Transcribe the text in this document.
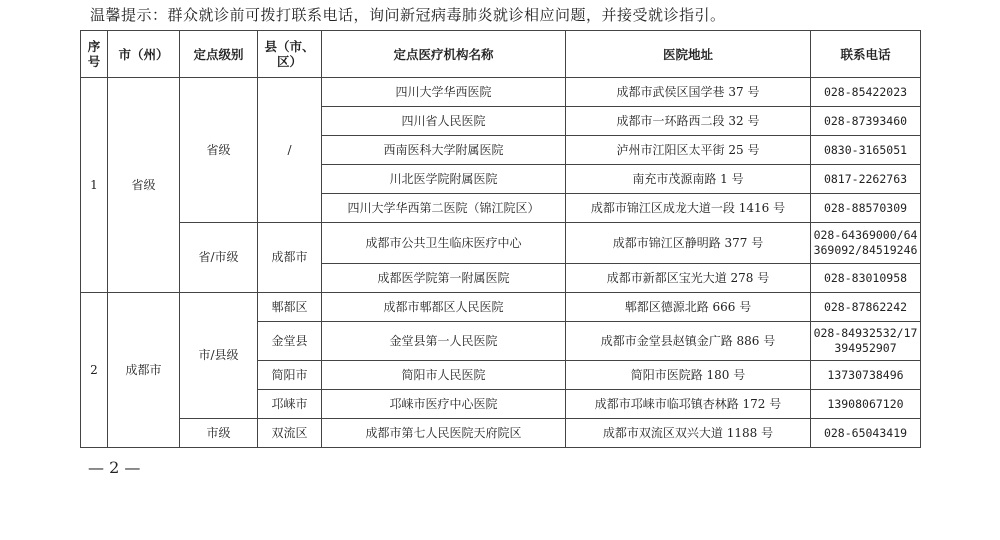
温馨提示：群众就诊前可拨打联系电话，询问新冠病毒肺炎就诊相应问题，并接受就诊指引。
序号	市（州）	定点级别	县（市、区）	定点医疗机构名称	医院地址	联系电话
1	省级	省级	/	四川大学华西医院	成都市武侯区国学巷 37 号	028-85422023
				四川省人民医院	成都市一环路西二段 32 号	028-87393460
				西南医科大学附属医院	泸州市江阳区太平街 25 号	0830-3165051
				川北医学院附属医院	南充市茂源南路 1 号	0817-2262763
				四川大学华西第二医院（锦江院区）	成都市锦江区成龙大道一段 1416 号	028-88570309
		省/市级	成都市	成都市公共卫生临床医疗中心	成都市锦江区静明路 377 号	028-64369000/64369092/84519246
				成都医学院第一附属医院	成都市新都区宝光大道 278 号	028-83010958
2	成都市	市/县级	郫都区	成都市郫都区人民医院	郫都区德源北路 666 号	028-87862242
			金堂县	金堂县第一人民医院	成都市金堂县赵镇金广路 886 号	028-84932532/17394952907
			简阳市	简阳市人民医院	简阳市医院路 180 号	13730738496
			邛崃市	邛崃市医疗中心医院	成都市邛崃市临邛镇杏林路 172 号	13908067120
		市级	双流区	成都市第七人民医院天府院区	成都市双流区双兴大道 1188 号	028-65043419
— 2 —
